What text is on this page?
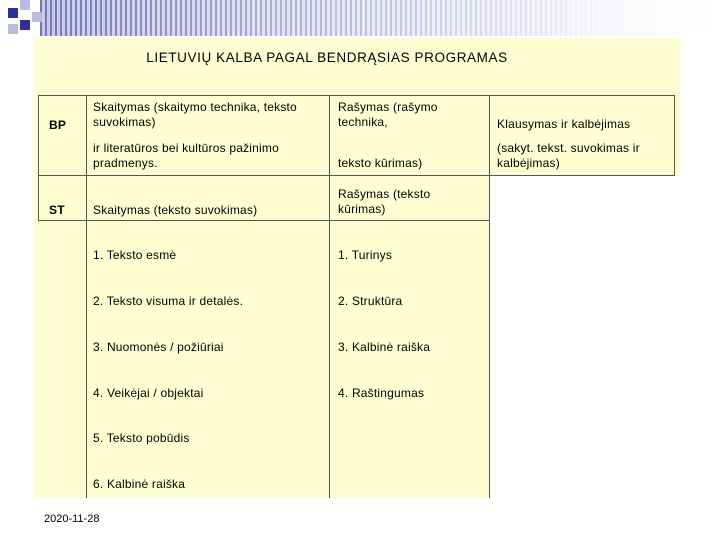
LIETUVIŲ KALBA PAGAL BENDRĄSIAS PROGRAMAS
BP
Skaitymas (skaitymo technika, teksto suvokimas)
ir literatūros bei kultūros pažinimo pradmenys.
Rašymas (rašymo technika,
teksto kūrimas)
Klausymas ir kalbėjimas
(sakyt. tekst. suvokimas ir kalbėjimas)
ST Skaitymas (teksto suvokimas)
Rašymas (teksto kūrimas)
1. Teksto esmė
2. Teksto visuma ir detalės.
3. Nuomonės / požiūriai
4. Veikėjai / objektai
5. Teksto pobūdis
6. Kalbinė raiška
1. Turinys
2. Struktūra
3. Kalbinė raiška
4. Raštingumas
2020-11-28
